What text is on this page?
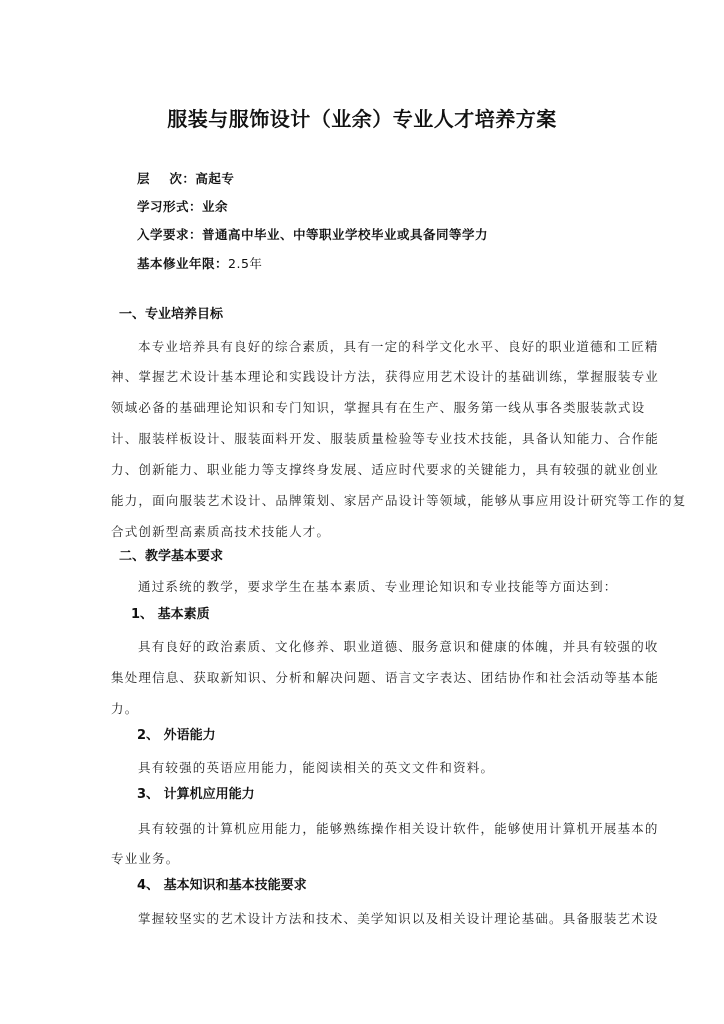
服装与服饰设计（业余）专业人才培养方案
层    次：高起专
学习形式：业余
入学要求：普通高中毕业、中等职业学校毕业或具备同等学力
基本修业年限：2.5年
一、专业培养目标
本专业培养具有良好的综合素质，具有一定的科学文化水平、良好的职业道德和工匠精
神、掌握艺术设计基本理论和实践设计方法，获得应用艺术设计的基础训练，掌握服装专业
领域必备的基础理论知识和专门知识，掌握具有在生产、服务第一线从事各类服装款式设
计、服装样板设计、服装面料开发、服装质量检验等专业技术技能，具备认知能力、合作能
力、创新能力、职业能力等支撑终身发展、适应时代要求的关键能力，具有较强的就业创业
能力，面向服装艺术设计、品牌策划、家居产品设计等领域，能够从事应用设计研究等工作的复
合式创新型高素质高技术技能人才。
二、教学基本要求
通过系统的教学，要求学生在基本素质、专业理论知识和专业技能等方面达到：
1、 基本素质
具有良好的政治素质、文化修养、职业道德、服务意识和健康的体魄，并具有较强的收
集处理信息、获取新知识、分析和解决问题、语言文字表达、团结协作和社会活动等基本能
力。
2、 外语能力
具有较强的英语应用能力，能阅读相关的英文文件和资料。
3、 计算机应用能力
具有较强的计算机应用能力，能够熟练操作相关设计软件，能够使用计算机开展基本的
专业业务。
4、 基本知识和基本技能要求
掌握较坚实的艺术设计方法和技术、美学知识以及相关设计理论基础。具备服装艺术设
